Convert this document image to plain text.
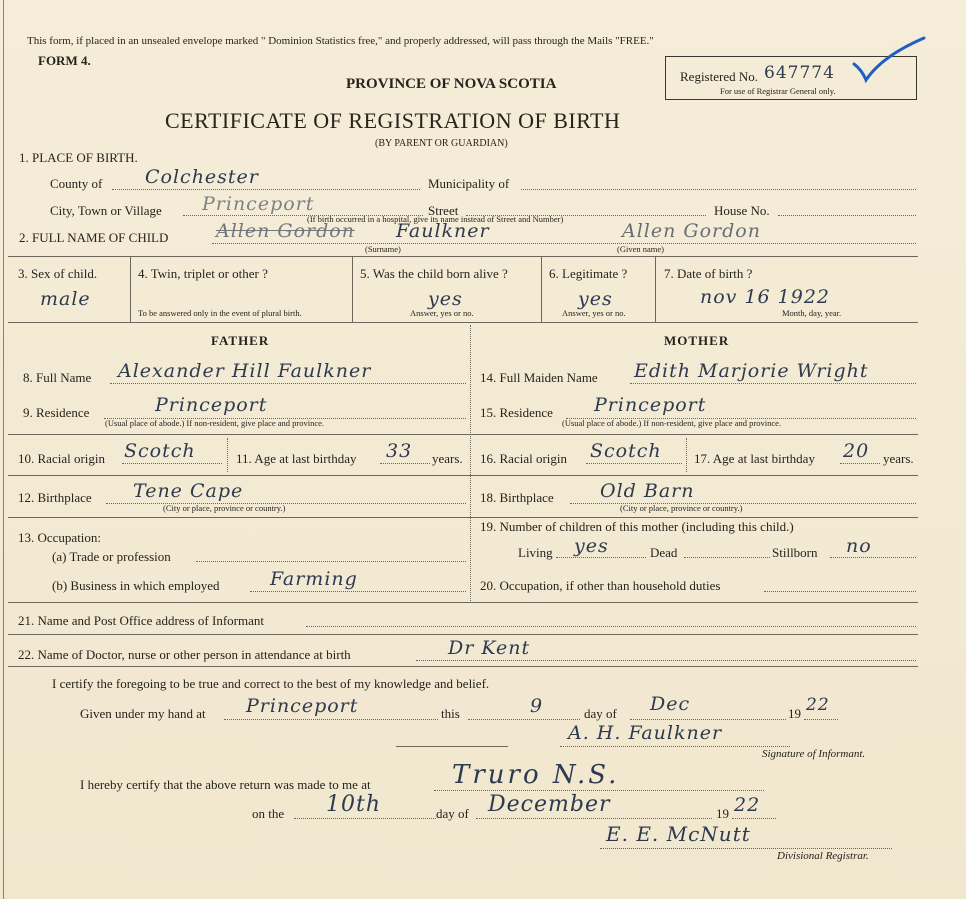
This form, if placed in an unsealed envelope marked " Dominion Statistics free," and properly addressed, will pass through the Mails "FREE."
FORM 4.
PROVINCE OF NOVA SCOTIA
CERTIFICATE OF REGISTRATION OF BIRTH
(BY PARENT OR GUARDIAN)
Registered No. 647774
For use of Registrar General only.
1. PLACE OF BIRTH.
County of Colchester	Municipality of
City, Town or Village Princeport	Street	House No.
(If birth occurred in a hospital, give its name instead of Street and Number)
2. FULL NAME OF CHILD	Allen Gordon Faulkner	Allen Gordon
(Surname)	(Given name)
3. Sex of child.
male
4. Twin, triplet or other ?
To be answered only in the event of plural birth.
5. Was the child born alive ?
yes
Answer, yes or no.
6. Legitimate ?
yes
Answer, yes or no.
7. Date of birth ?
nov 16 1922
Month, day, year.
FATHER
8. Full Name Alexander Hill Faulkner
9. Residence	Princeport
(Usual place of abode.) If non-resident, give place and province.
10. Racial origin Scotch	11. Age at last birthday 33 years.
12. Birthplace Tene Cape
(City or place, province or country.)
13. Occupation:
(a) Trade or profession
(b) Business in which employed	Farming
MOTHER
14. Full Maiden Name Edith Marjorie Wright
15. Residence Princeport
(Usual place of abode.) If non-resident, give place and province.
16. Racial origin Scotch 17. Age at last birthday 20 years.
18. Birthplace Old Barn
(City or place, province or country.)
19. Number of children of this mother (including this child.)
Living yes	Dead	Stillborn no
20. Occupation, if other than household duties
21. Name and Post Office address of Informant
22. Name of Doctor, nurse or other person in attendance at birth	Dr Kent
I certify the foregoing to be true and correct to the best of my knowledge and belief.
Given under my hand at Princeport	this	9	day of Dec	19 22
A. H. Faulkner
Signature of Informant.
I hereby certify that the above return was made to me at	Truro N.S.
on the 10th	day of December	19 22
E. E. McNutt
Divisional Registrar.
